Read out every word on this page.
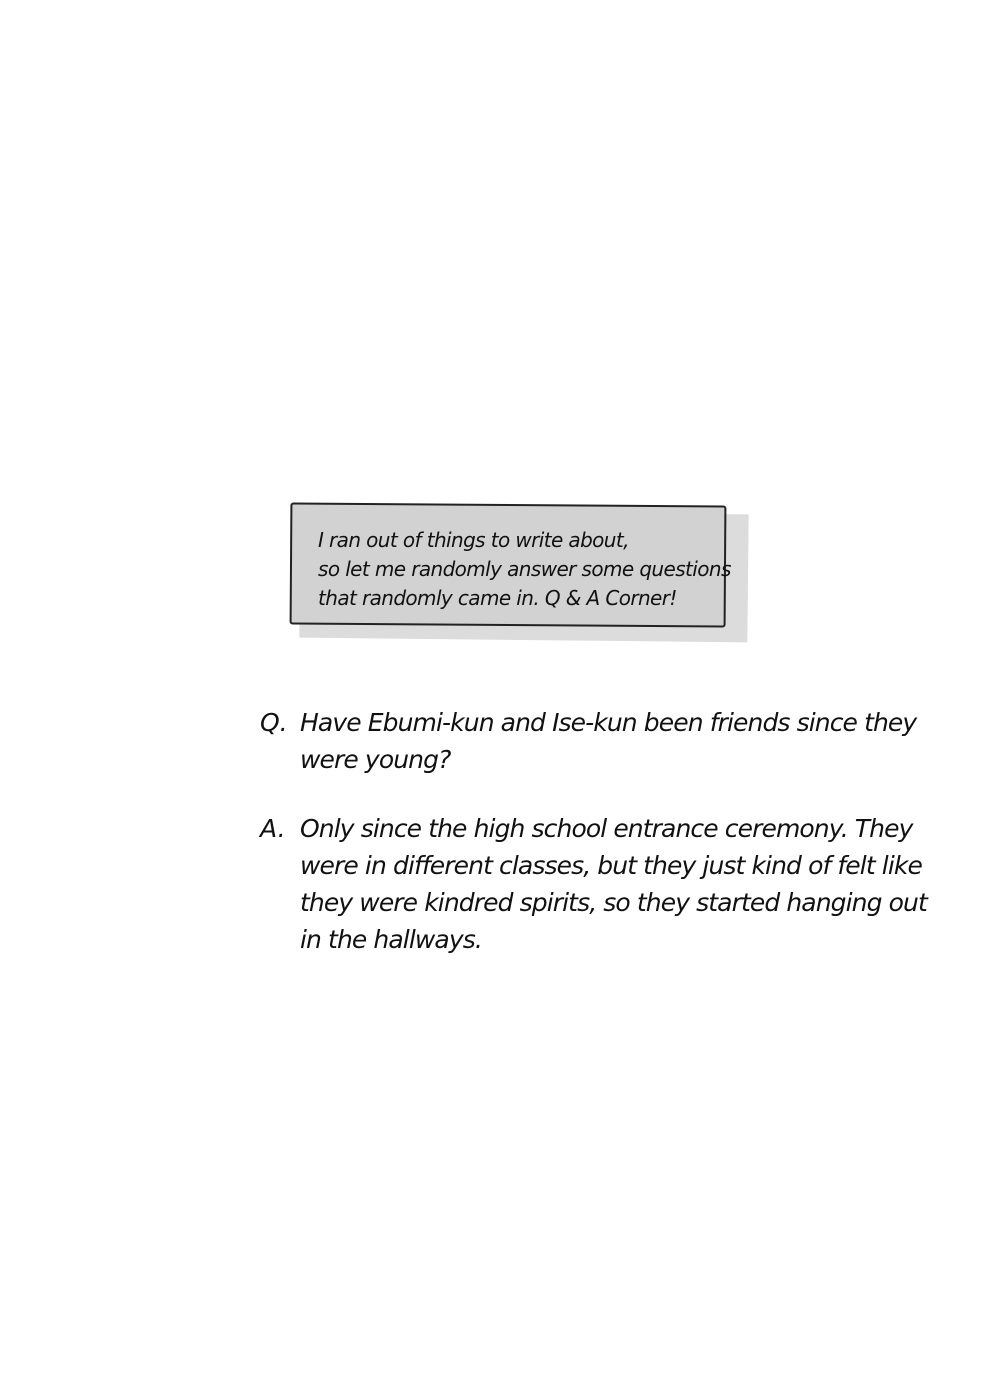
I ran out of things to write about,
so let me randomly answer some questions
that randomly came in. Q & A Corner!
Q. Have Ebumi-kun and Ise-kun been friends since they
were young?
A. Only since the high school entrance ceremony. They
were in different classes, but they just kind of felt like
they were kindred spirits, so they started hanging out
in the hallways.
